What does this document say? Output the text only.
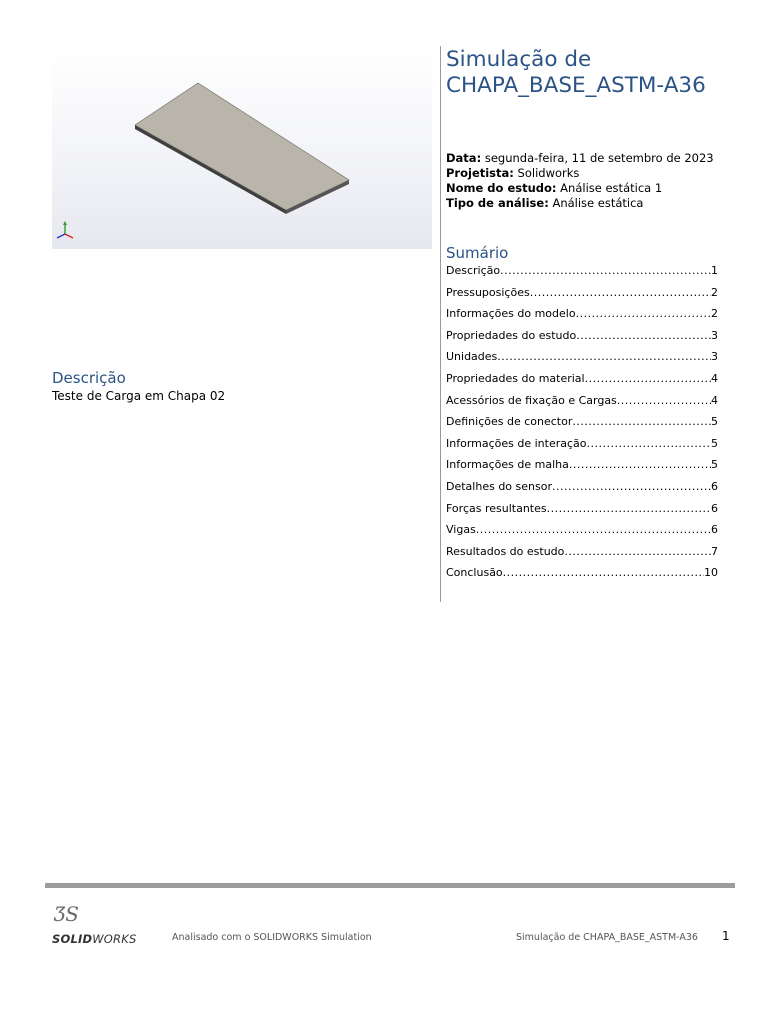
Simulação de CHAPA_BASE_ASTM-A36
Data: segunda-feira, 11 de setembro de 2023
Projetista: Solidworks
Nome do estudo: Análise estática 1
Tipo de análise: Análise estática
Sumário
Descrição .....	1
Pressuposições .....	2
Informações do modelo .....	2
Propriedades do estudo .....	3
Unidades .....	3
Propriedades do material .....	4
Acessórios de fixação e Cargas .....	4
Definições de conector .....	5
Informações de interação .....	5
Informações de malha .....	5
Detalhes do sensor .....	6
Forças resultantes .....	6
Vigas .....	6
Resultados do estudo .....	7
Conclusão .....	10
Descrição
Teste de Carga em Chapa 02
ƷS
SOLIDWORKS	Analisado com o SOLIDWORKS Simulation	Simulação de CHAPA_BASE_ASTM-A36 1
